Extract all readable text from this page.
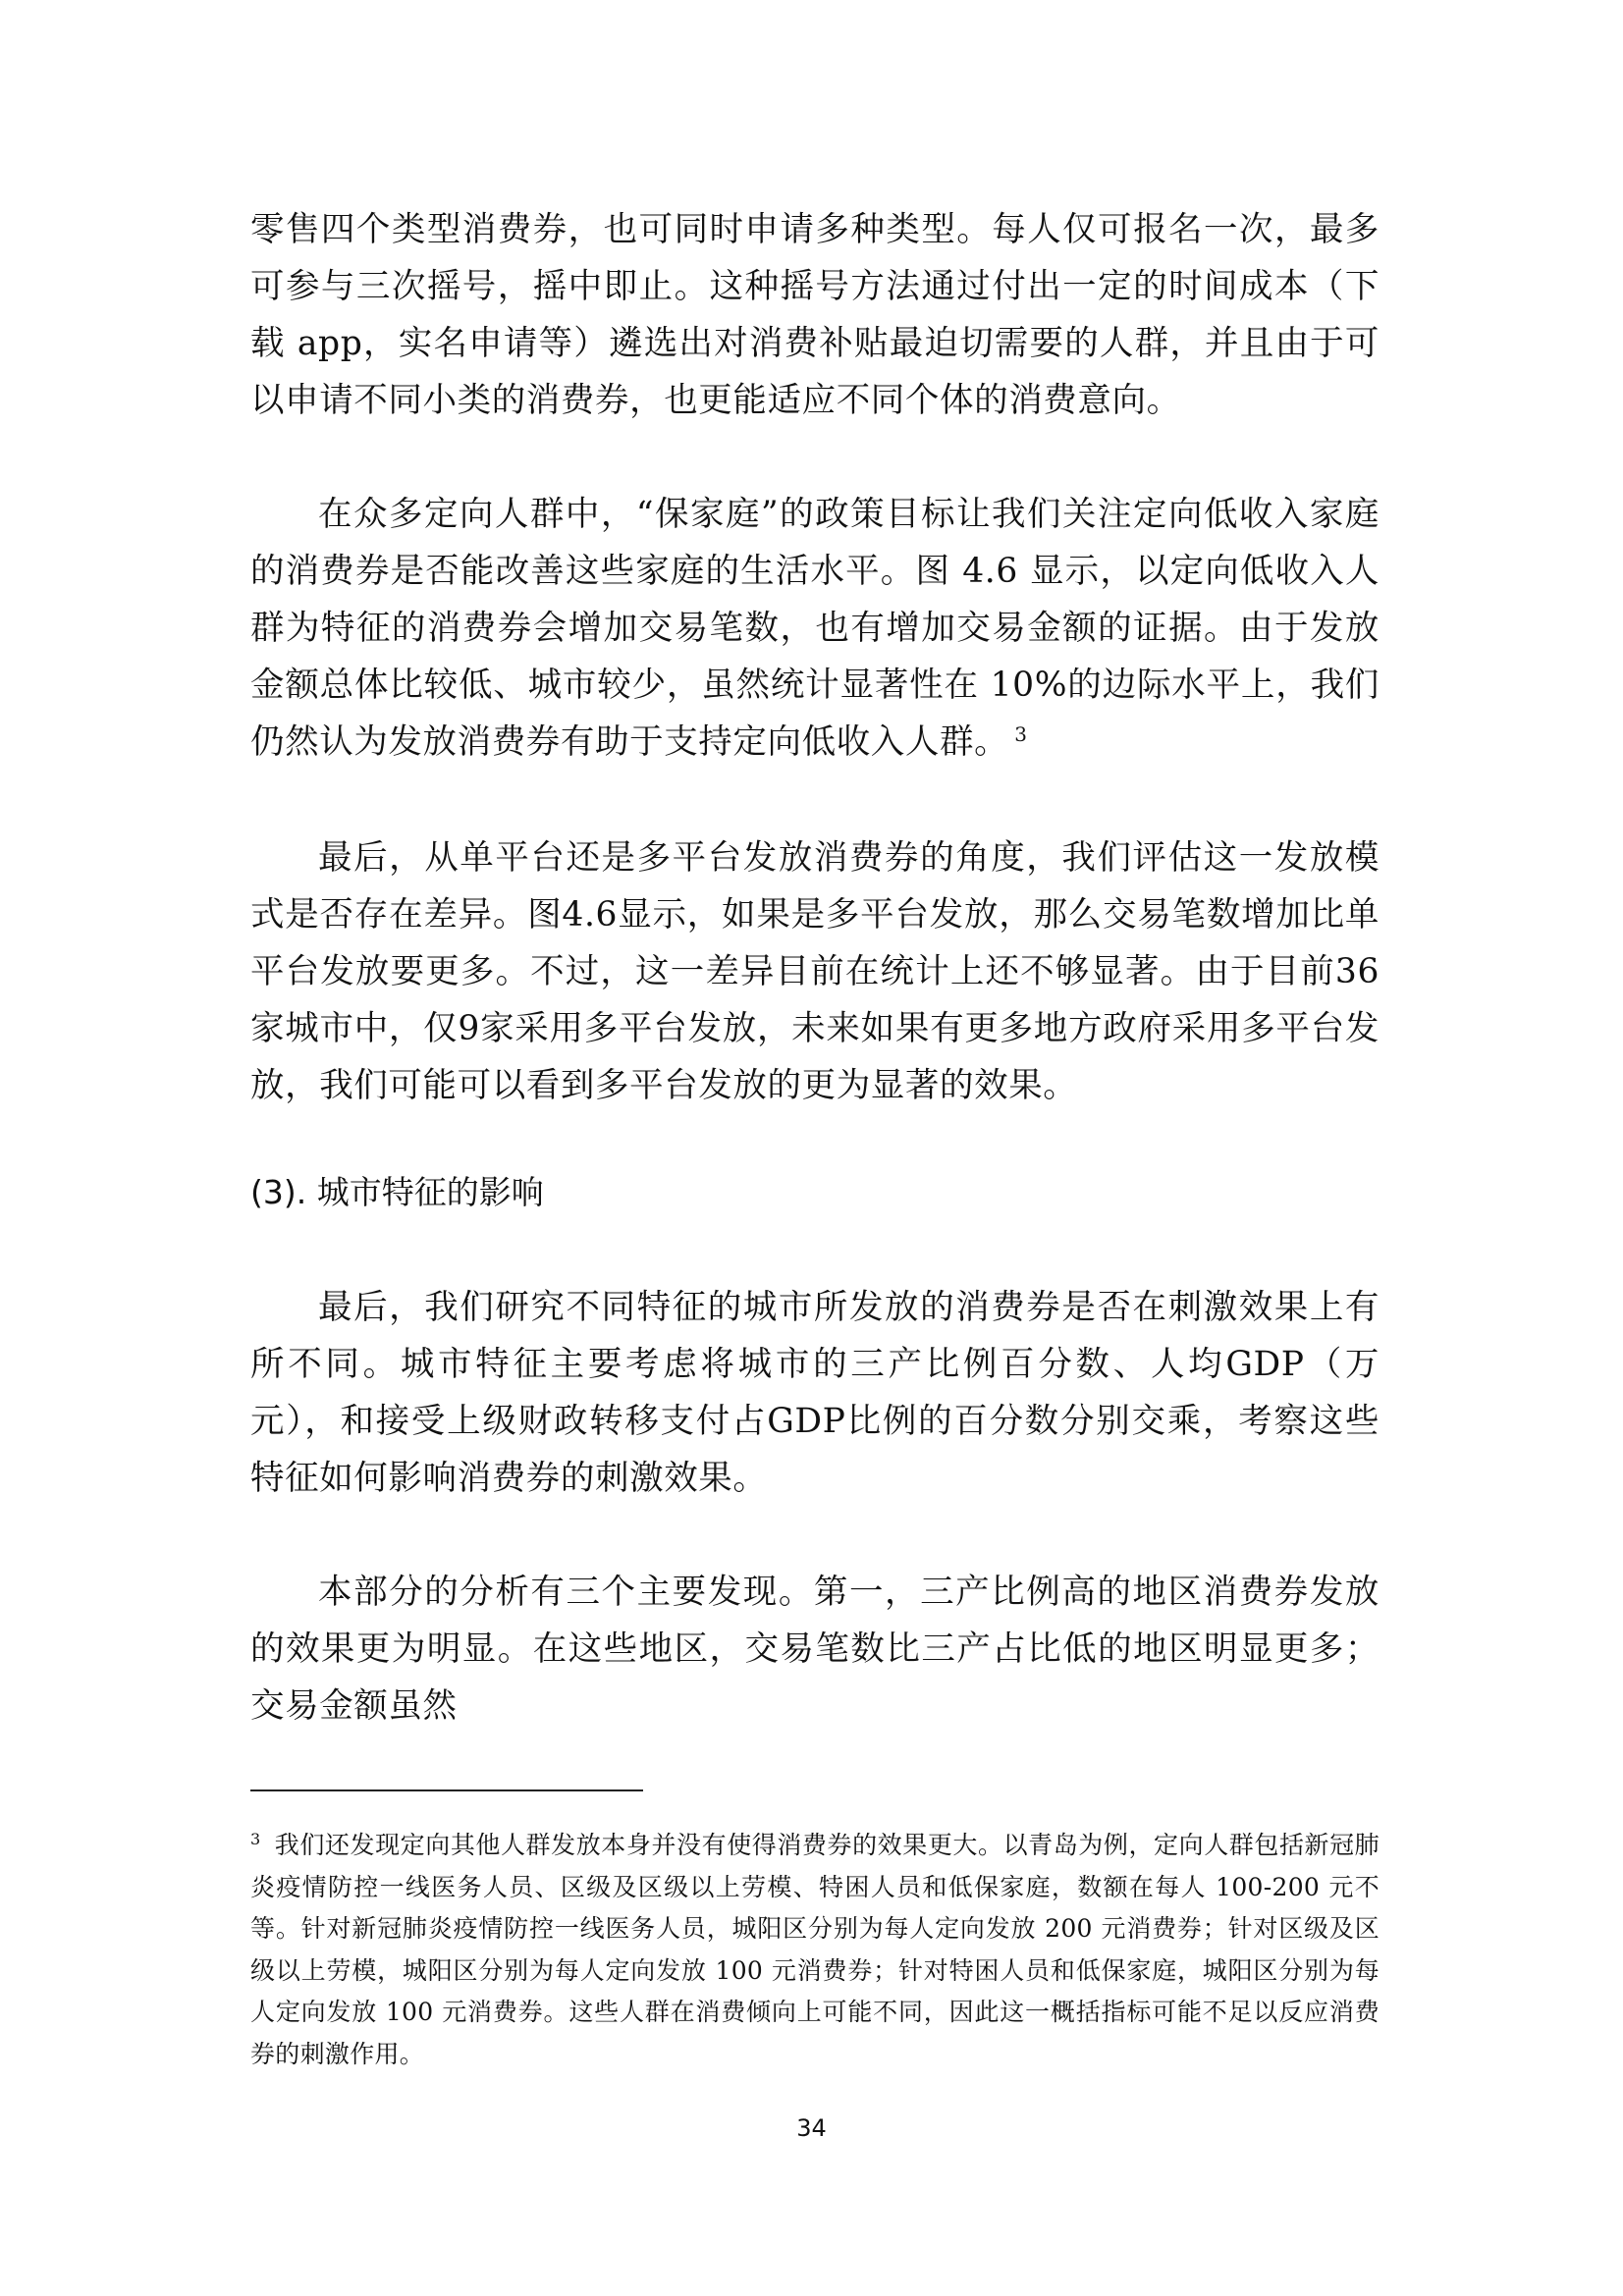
零售四个类型消费券，也可同时申请多种类型。每人仅可报名一次，最多可参与三次摇号，摇中即止。这种摇号方法通过付出一定的时间成本（下载 app，实名申请等）遴选出对消费补贴最迫切需要的人群，并且由于可以申请不同小类的消费券，也更能适应不同个体的消费意向。

在众多定向人群中，“保家庭”的政策目标让我们关注定向低收入家庭的消费券是否能改善这些家庭的生活水平。图 4.6 显示，以定向低收入人群为特征的消费券会增加交易笔数，也有增加交易金额的证据。由于发放金额总体比较低、城市较少，虽然统计显著性在 10%的边际水平上，我们仍然认为发放消费券有助于支持定向低收入人群。 $^3$

最后，从单平台还是多平台发放消费券的角度，我们评估这一发放模式是否存在差异。图4.6显示，如果是多平台发放，那么交易笔数增加比单平台发放要更多。不过，这一差异目前在统计上还不够显著。由于目前36家城市中，仅9家采用多平台发放，未来如果有更多地方政府采用多平台发放，我们可能可以看到多平台发放的更为显著的效果。

(3). 城市特征的影响

最后，我们研究不同特征的城市所发放的消费券是否在刺激效果上有所不同。城市特征主要考虑将城市的三产比例百分数、人均GDP（万元），和接受上级财政转移支付占GDP比例的百分数分别交乘，考察这些特征如何影响消费券的刺激效果。

本部分的分析有三个主要发现。第一，三产比例高的地区消费券发放的效果更为明显。在这些地区，交易笔数比三产占比低的地区明显更多；交易金额虽然

$^3$ 我们还发现定向其他人群发放本身并没有使得消费券的效果更大。以青岛为例，定向人群包括新冠肺炎疫情防控一线医务人员、区级及区级以上劳模、特困人员和低保家庭，数额在每人 100-200 元不等。针对新冠肺炎疫情防控一线医务人员，城阳区分别为每人定向发放 200 元消费券；针对区级及区级以上劳模，城阳区分别为每人定向发放 100 元消费券；针对特困人员和低保家庭，城阳区分别为每人定向发放 100 元消费券。这些人群在消费倾向上可能不同，因此这一概括指标可能不足以反应消费券的刺激作用。

34
